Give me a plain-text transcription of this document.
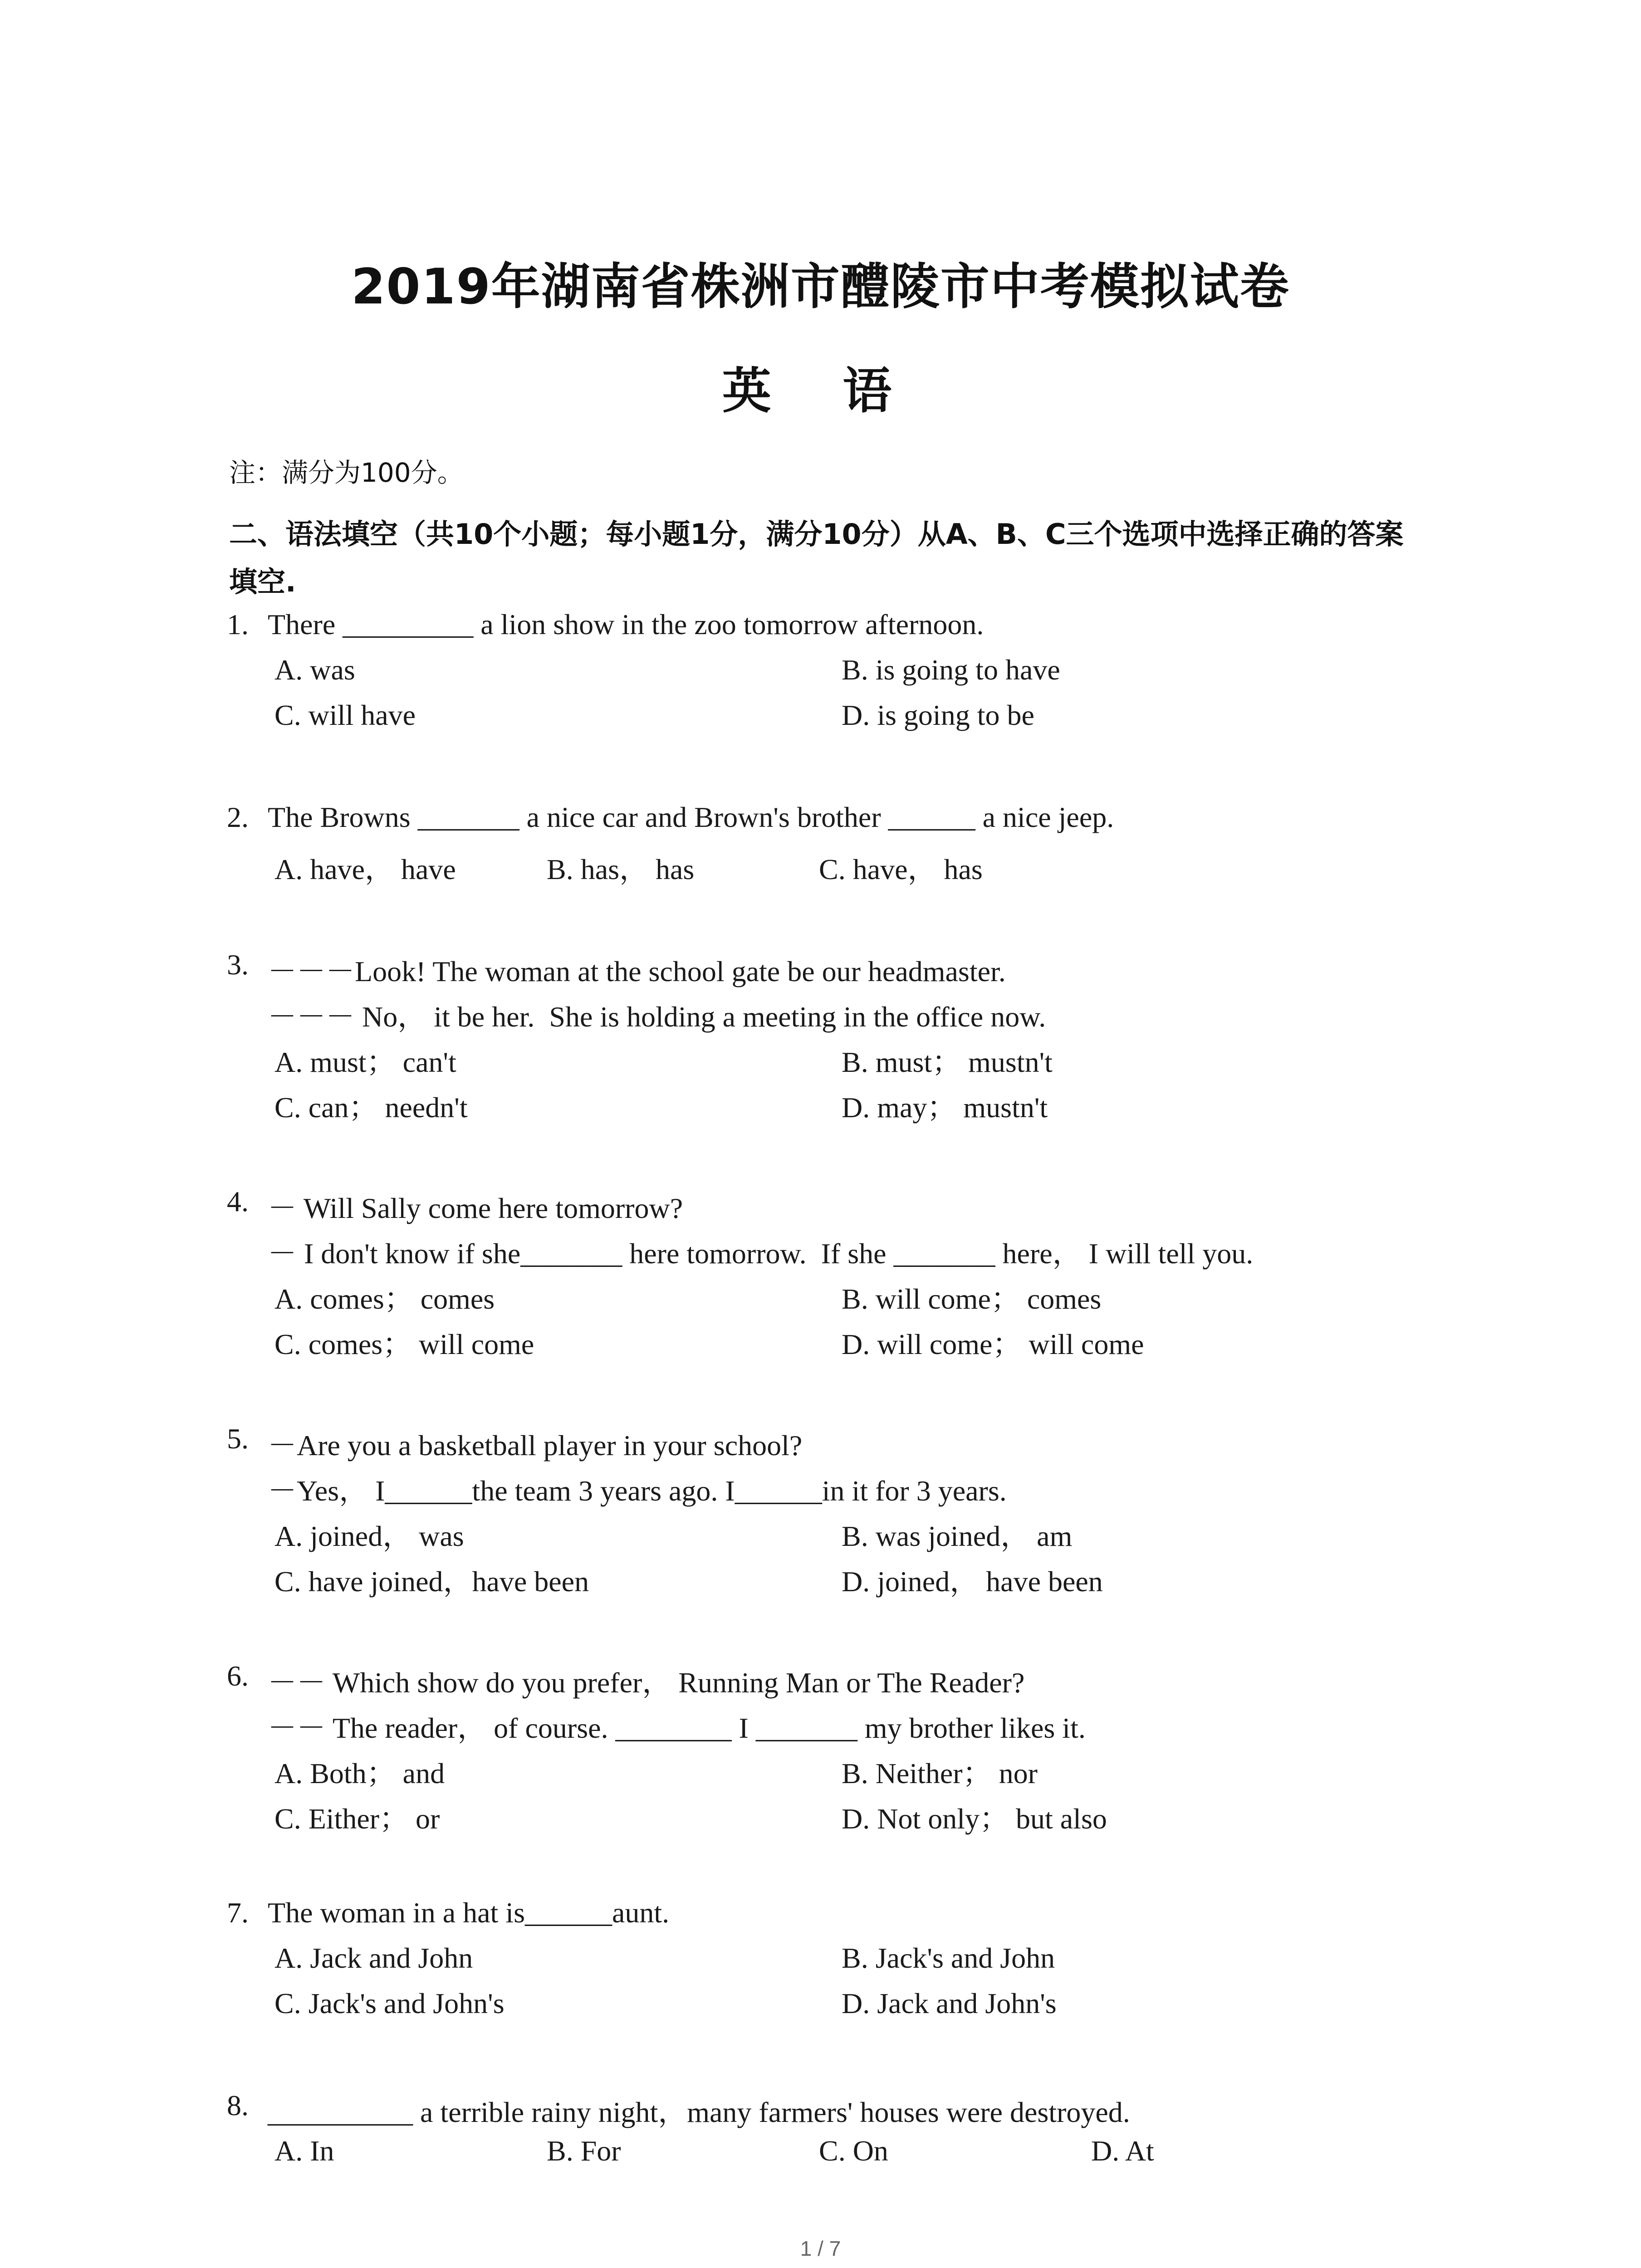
2019年湖南省株洲市醴陵市中考模拟试卷
英 语
注：满分为100分。
二、语法填空（共10个小题；每小题1分，满分10分）从A、B、C三个选项中选择正确的答案
填空.
1. There _________ a lion show in the zoo tomorrow afternoon.
A. was	B. is going to have
C. will have	D. is going to be
2. The Browns _______ a nice car and Brown's brother ______ a nice jeep.
A. have， have	B. has， has	C. have， has
3. －－－Look! The woman at the school gate be our headmaster.
－－－ No， it be her.  She is holding a meeting in the office now.
A. must； can't	B. must； mustn't
C. can； needn't	D. may； mustn't
4. － Will Sally come here tomorrow?
－ I don't know if she_______ here tomorrow.  If she _______ here， I will tell you.
A. comes； comes	B. will come； comes
C. comes； will come	D. will come； will come
5. －Are you a basketball player in your school?
－Yes， I______the team 3 years ago. I______in it for 3 years.
A. joined， was	B. was joined， am
C. have joined，have been	D. joined， have been
6. －－ Which show do you prefer， Running Man or The Reader?
－－ The reader， of course. ________ I _______ my brother likes it.
A. Both； and	B. Neither； nor
C. Either； or	D. Not only； but also
7. The woman in a hat is______aunt.
A. Jack and John	B. Jack's and John
C. Jack's and John's	D. Jack and John's
8. __________ a terrible rainy night，many farmers' houses were destroyed.
A. In	B. For	C. On	D. At
1 / 7
